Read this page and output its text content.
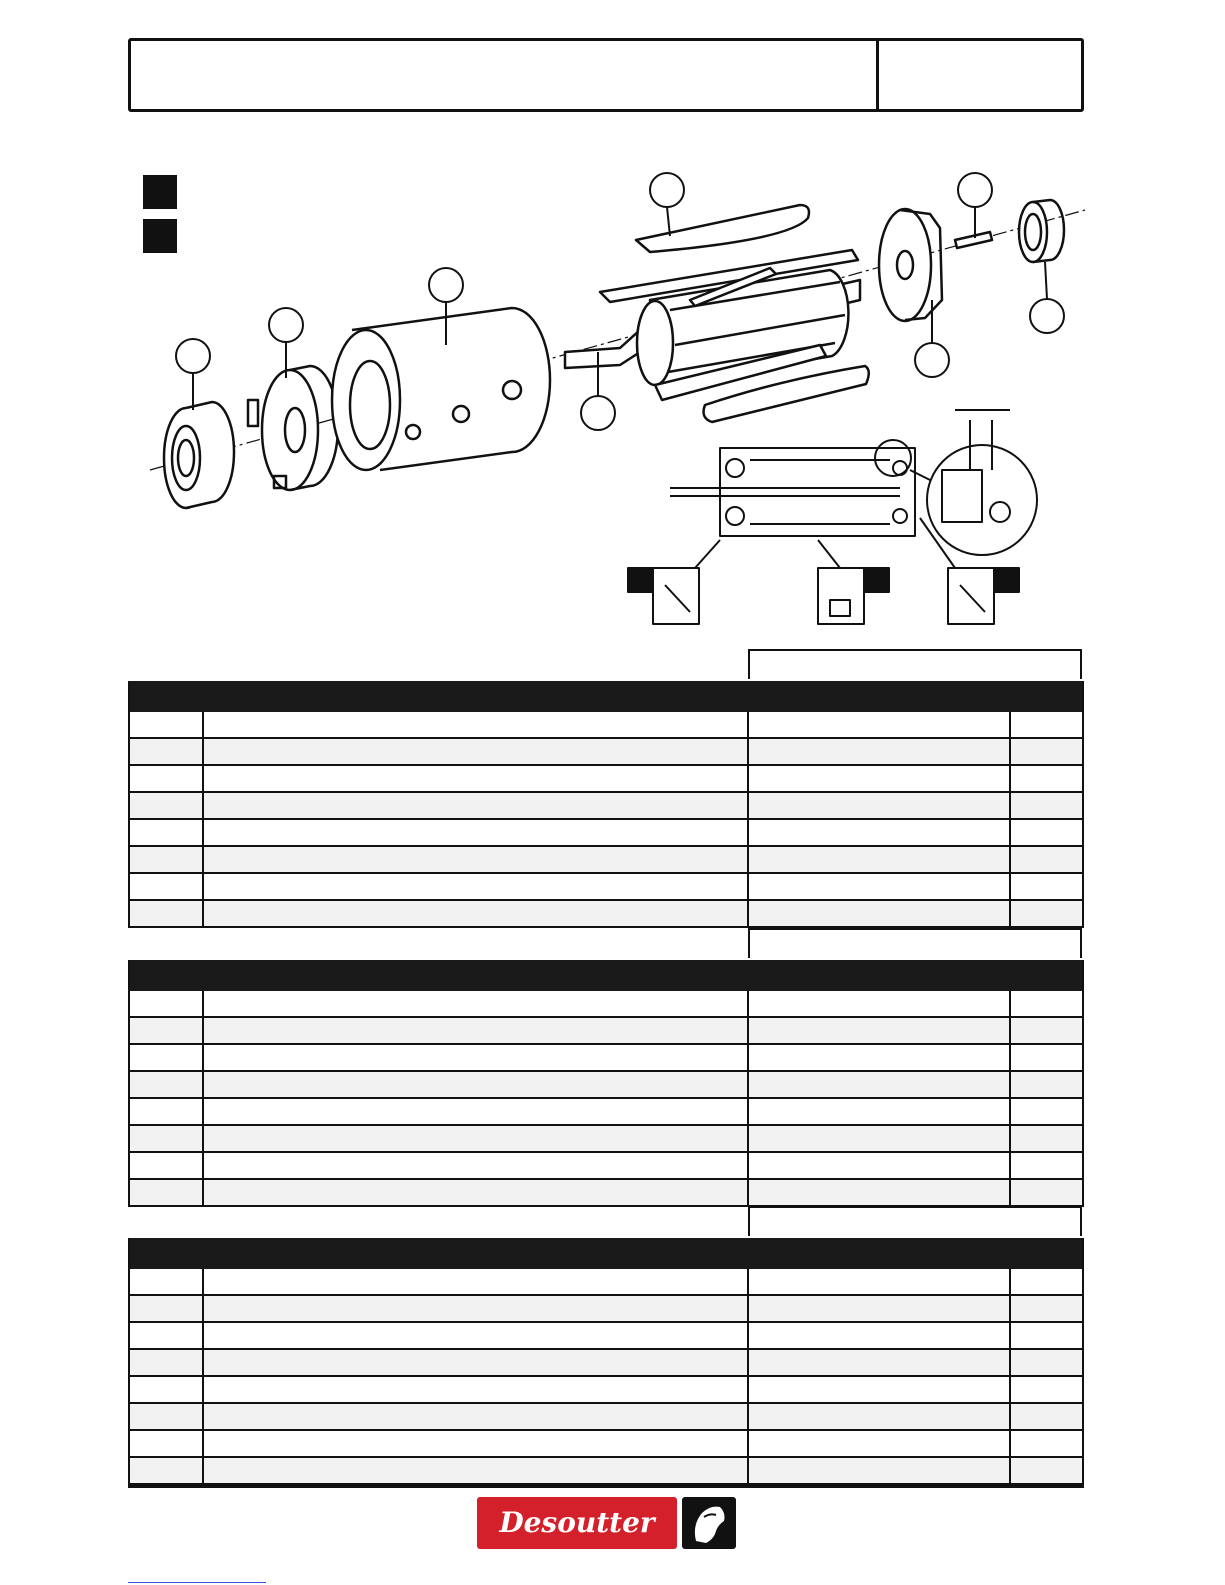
Desoutter
